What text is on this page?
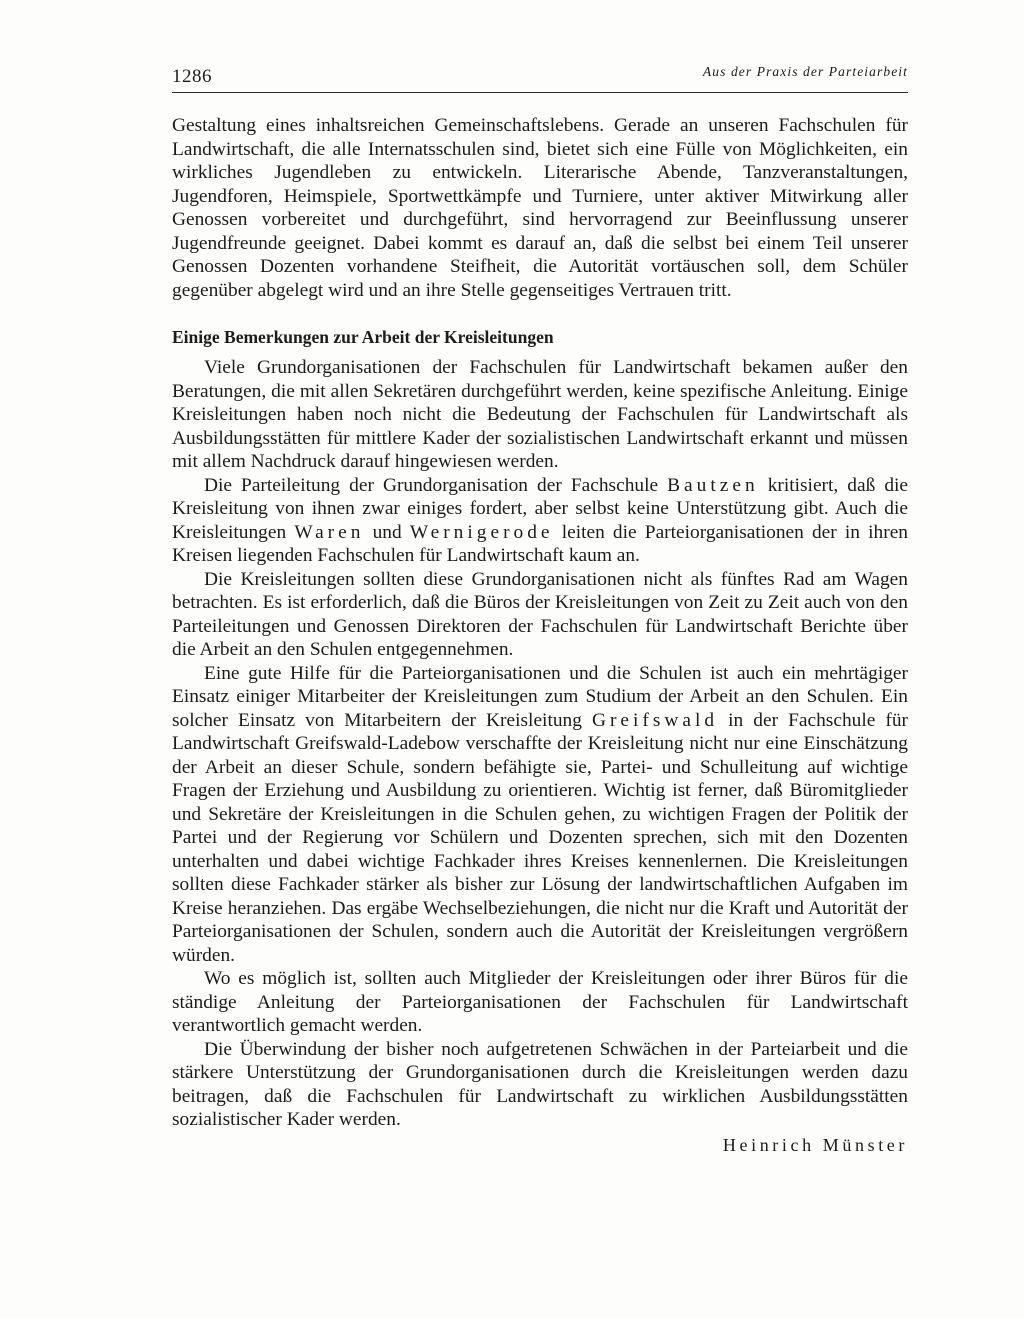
1286	Aus der Praxis der Parteiarbeit

Gestaltung eines inhaltsreichen Gemeinschaftslebens. Gerade an unseren Fachschulen für Landwirtschaft, die alle Internatsschulen sind, bietet sich eine Fülle von Möglichkeiten, ein wirkliches Jugendleben zu entwickeln. Literarische Abende, Tanzveranstaltungen, Jugendforen, Heimspiele, Sportwettkämpfe und Turniere, unter aktiver Mitwirkung aller Genossen vorbereitet und durchgeführt, sind hervorragend zur Beeinflussung unserer Jugendfreunde geeignet. Dabei kommt es darauf an, daß die selbst bei einem Teil unserer Genossen Dozenten vorhandene Steifheit, die Autorität vortäuschen soll, dem Schüler gegenüber abgelegt wird und an ihre Stelle gegenseitiges Vertrauen tritt.

Einige Bemerkungen zur Arbeit der Kreisleitungen

Viele Grundorganisationen der Fachschulen für Landwirtschaft bekamen außer den Beratungen, die mit allen Sekretären durchgeführt werden, keine spezifische Anleitung. Einige Kreisleitungen haben noch nicht die Bedeutung der Fachschulen für Landwirtschaft als Ausbildungsstätten für mittlere Kader der sozialistischen Landwirtschaft erkannt und müssen mit allem Nachdruck darauf hingewiesen werden.

Die Parteileitung der Grundorganisation der Fachschule Bautzen kritisiert, daß die Kreisleitung von ihnen zwar einiges fordert, aber selbst keine Unterstützung gibt. Auch die Kreisleitungen Waren und Wernigerode leiten die Parteiorganisationen der in ihren Kreisen liegenden Fachschulen für Landwirtschaft kaum an.

Die Kreisleitungen sollten diese Grundorganisationen nicht als fünftes Rad am Wagen betrachten. Es ist erforderlich, daß die Büros der Kreisleitungen von Zeit zu Zeit auch von den Parteileitungen und Genossen Direktoren der Fachschulen für Landwirtschaft Berichte über die Arbeit an den Schulen entgegennehmen.

Eine gute Hilfe für die Parteiorganisationen und die Schulen ist auch ein mehrtägiger Einsatz einiger Mitarbeiter der Kreisleitungen zum Studium der Arbeit an den Schulen. Ein solcher Einsatz von Mitarbeitern der Kreisleitung Greifswald in der Fachschule für Landwirtschaft Greifswald-Ladebow verschaffte der Kreisleitung nicht nur eine Einschätzung der Arbeit an dieser Schule, sondern befähigte sie, Partei- und Schulleitung auf wichtige Fragen der Erziehung und Ausbildung zu orientieren. Wichtig ist ferner, daß Büromitglieder und Sekretäre der Kreisleitungen in die Schulen gehen, zu wichtigen Fragen der Politik der Partei und der Regierung vor Schülern und Dozenten sprechen, sich mit den Dozenten unterhalten und dabei wichtige Fachkader ihres Kreises kennenlernen. Die Kreisleitungen sollten diese Fachkader stärker als bisher zur Lösung der landwirtschaftlichen Aufgaben im Kreise heranziehen. Das ergäbe Wechselbeziehungen, die nicht nur die Kraft und Autorität der Parteiorganisationen der Schulen, sondern auch die Autorität der Kreisleitungen vergrößern würden.

Wo es möglich ist, sollten auch Mitglieder der Kreisleitungen oder ihrer Büros für die ständige Anleitung der Parteiorganisationen der Fachschulen für Landwirtschaft verantwortlich gemacht werden.

Die Überwindung der bisher noch aufgetretenen Schwächen in der Parteiarbeit und die stärkere Unterstützung der Grundorganisationen durch die Kreisleitungen werden dazu beitragen, daß die Fachschulen für Landwirtschaft zu wirklichen Ausbildungsstätten sozialistischer Kader werden.

Heinrich Münster
